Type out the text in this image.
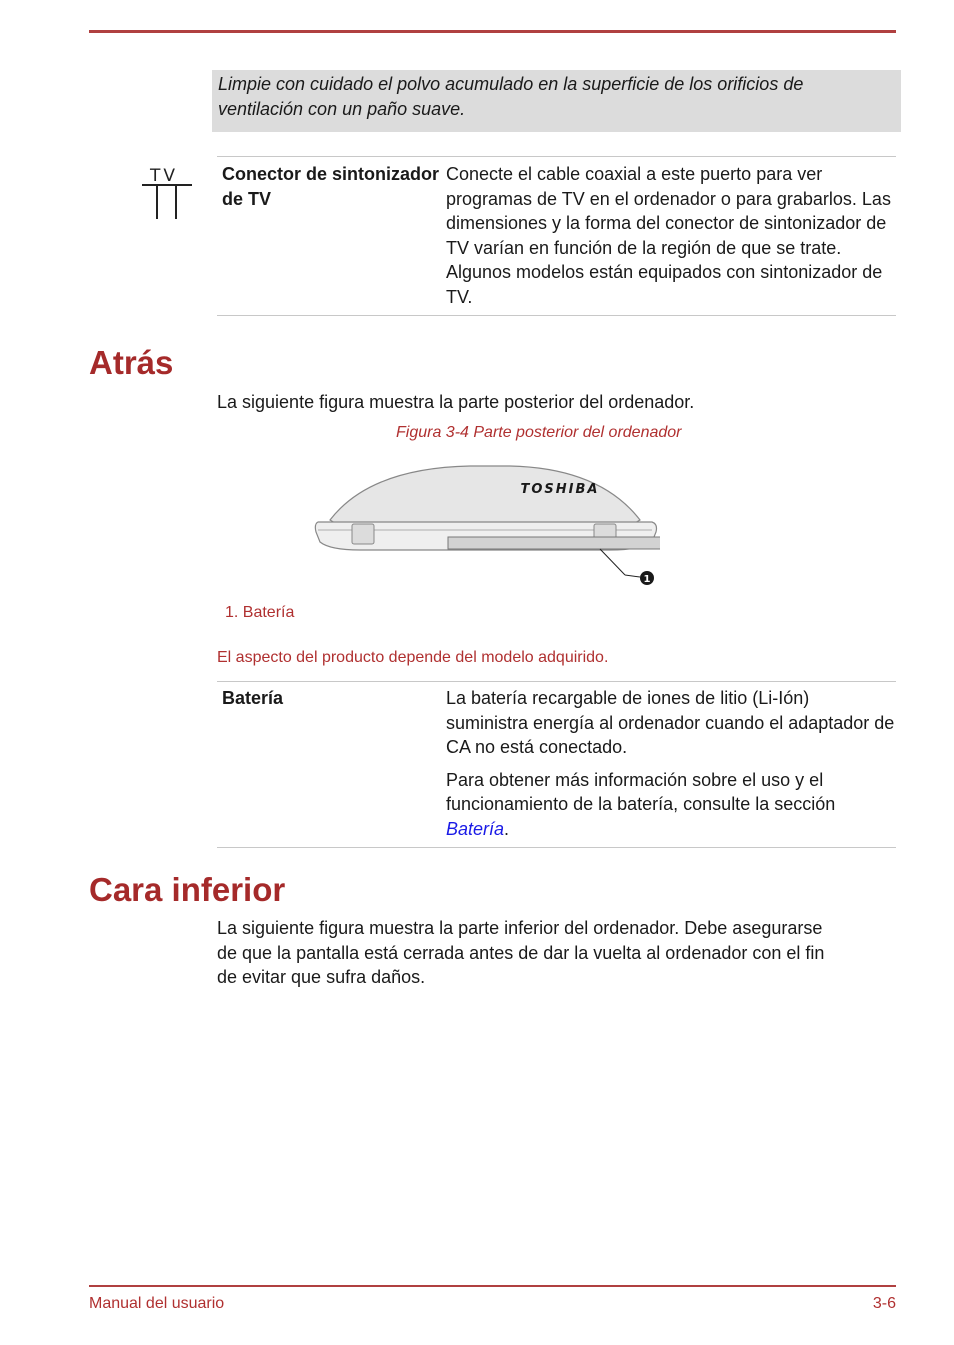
Limpie con cuidado el polvo acumulado en la superficie de los orificios de ventilación con un paño suave.
TV Conector de sintonizador de TV
Conecte el cable coaxial a este puerto para ver programas de TV en el ordenador o para grabarlos. Las dimensiones y la forma del conector de sintonizador de TV varían en función de la región de que se trate. Algunos modelos están equipados con sintonizador de TV.
Atrás
La siguiente figura muestra la parte posterior del ordenador.
Figura 3-4 Parte posterior del ordenador
TOSHIBA
1
1. Batería
El aspecto del producto depende del modelo adquirido.
Batería	La batería recargable de iones de litio (Li-Ión) suministra energía al ordenador cuando el adaptador de CA no está conectado.

Para obtener más información sobre el uso y el funcionamiento de la batería, consulte la sección Batería.

Cara inferior
La siguiente figura muestra la parte inferior del ordenador. Debe asegurarse de que la pantalla está cerrada antes de dar la vuelta al ordenador con el fin de evitar que sufra daños.
Manual del usuario	3-6
